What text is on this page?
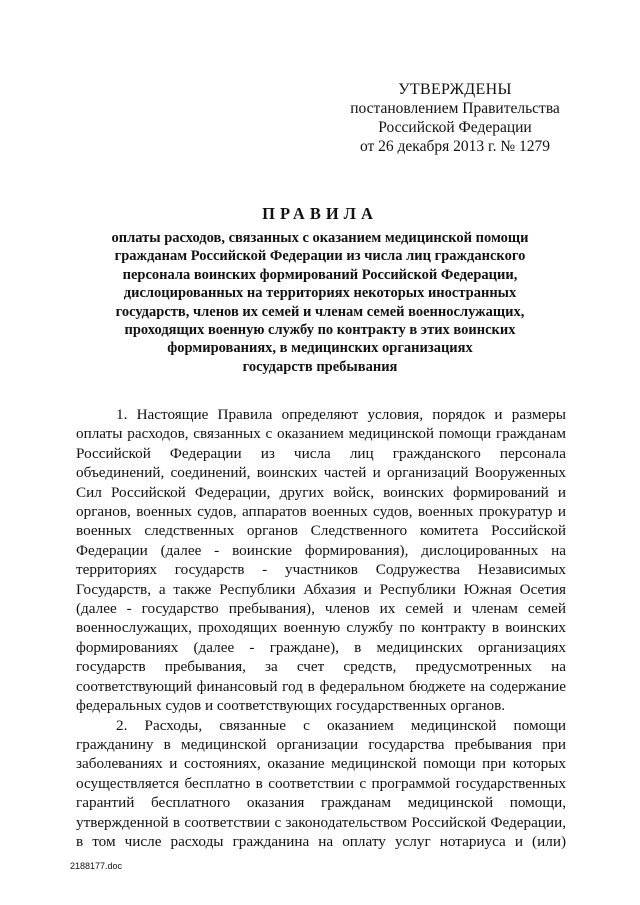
УТВЕРЖДЕНЫ
постановлением Правительства
Российской Федерации
от 26 декабря 2013 г. № 1279
ПРАВИЛА
оплаты расходов, связанных с оказанием медицинской помощи
гражданам Российской Федерации из числа лиц гражданского
персонала воинских формирований Российской Федерации,
дислоцированных на территориях некоторых иностранных
государств, членов их семей и членам семей военнослужащих,
проходящих военную службу по контракту в этих воинских
формированиях, в медицинских организациях
государств пребывания

1. Настоящие Правила определяют условия, порядок и размеры оплаты расходов, связанных с оказанием медицинской помощи гражданам Российской Федерации из числа лиц гражданского персонала объединений, соединений, воинских частей и организаций Вооруженных Сил Российской Федерации, других войск, воинских формирований и органов, военных судов, аппаратов военных судов, военных прокуратур и военных следственных органов Следственного комитета Российской Федерации (далее - воинские формирования), дислоцированных на территориях государств - участников Содружества Независимых Государств, а также Республики Абхазия и Республики Южная Осетия (далее - государство пребывания), членов их семей и членам семей военнослужащих, проходящих военную службу по контракту в воинских формированиях (далее - граждане), в медицинских организациях государств пребывания, за счет средств, предусмотренных на соответствующий финансовый год в федеральном бюджете на содержание федеральных судов и соответствующих государственных органов.

2. Расходы, связанные с оказанием медицинской помощи гражданину в медицинской организации государства пребывания при заболеваниях и состояниях, оказание медицинской помощи при которых осуществляется бесплатно в соответствии с программой государственных гарантий бесплатного оказания гражданам медицинской помощи, утвержденной в соответствии с законодательством Российской Федерации, в том числе расходы гражданина на оплату услуг нотариуса и (или)

2188177.doc
